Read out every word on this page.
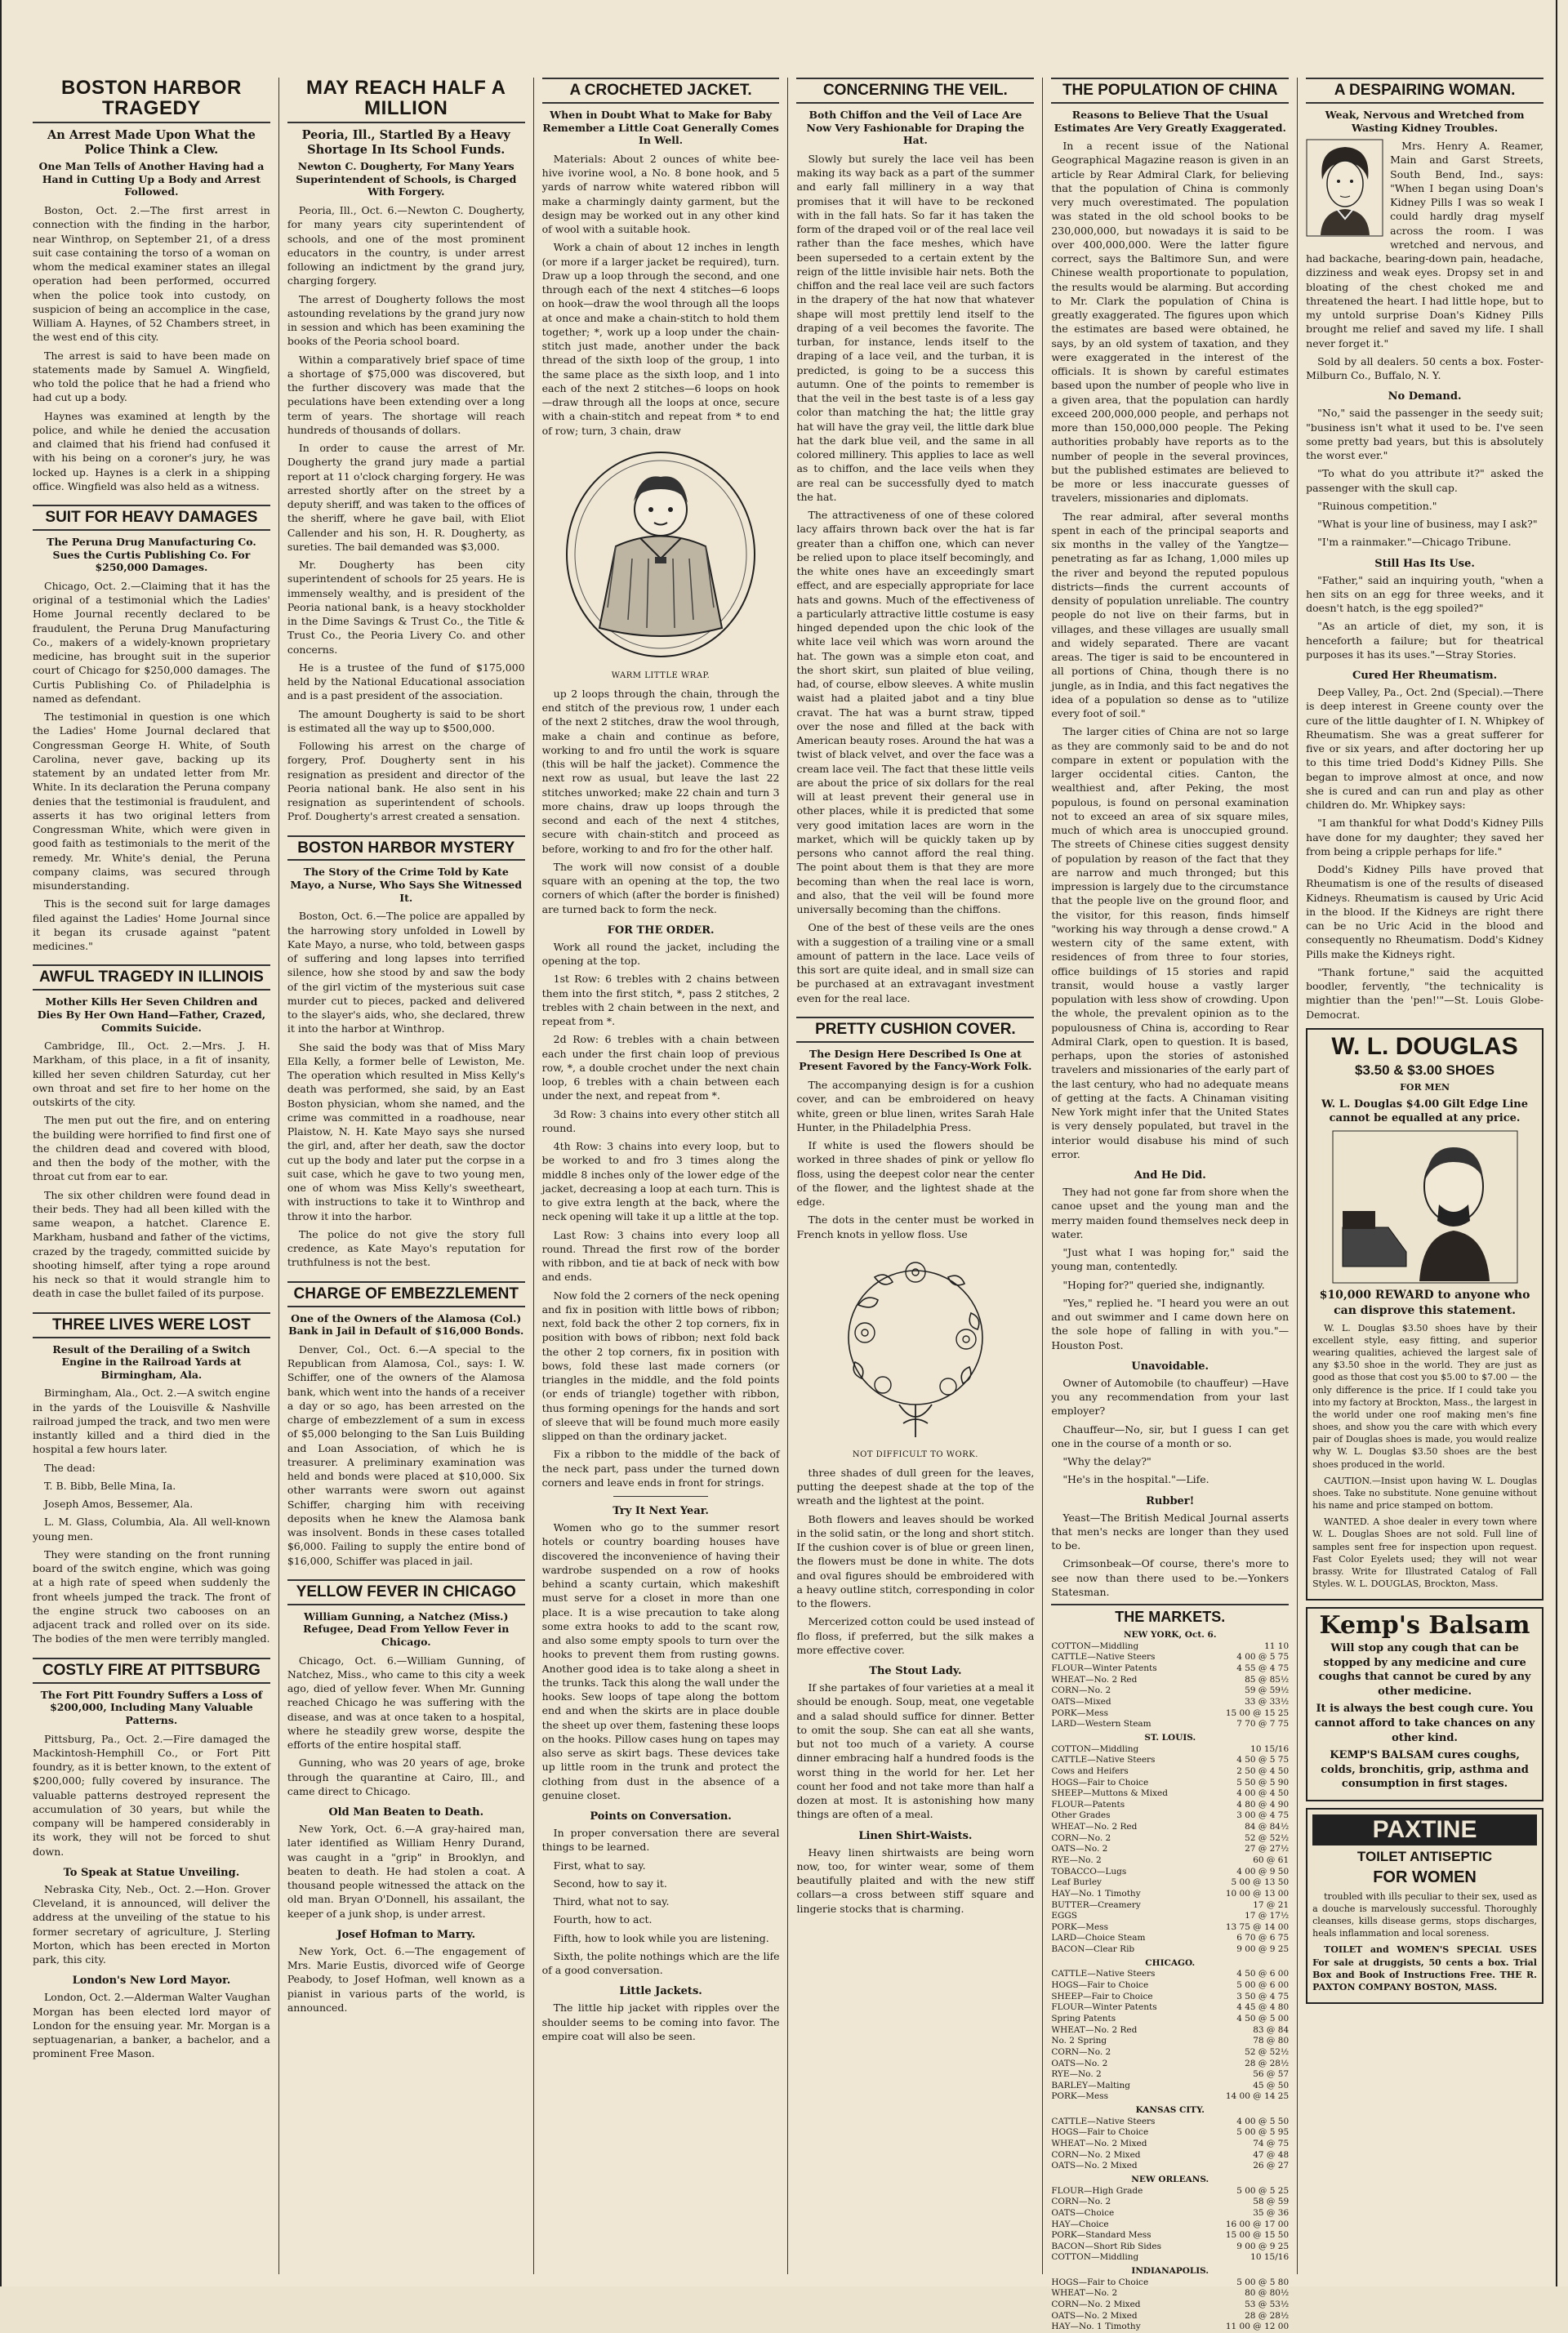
BOSTON HARBOR TRAGEDY
An Arrest Made Upon What the Police Think a Clew.
One Man Tells of Another Having had a Hand in Cutting Up a Body and Arrest Followed.

Boston, Oct. 2.—The first arrest in connection with the finding in the harbor, near Winthrop, on September 21, of a dress suit case containing the torso of a woman on whom the medical examiner states an illegal operation had been performed, occurred when the police took into custody, on suspicion of being an accomplice in the case, William A. Haynes, of 52 Chambers street, in the west end of this city.

The arrest is said to have been made on statements made by Samuel A. Wingfield, who told the police that he had a friend who had cut up a body.

Haynes was examined at length by the police, and while he denied the accusation and claimed that his friend had confused it with his being on a coroner's jury, he was locked up. Haynes is a clerk in a shipping office. Wingfield was also held as a witness.

SUIT FOR HEAVY DAMAGES
The Peruna Drug Manufacturing Co. Sues the Curtis Publishing Co. For $250,000 Damages.

Chicago, Oct. 2.—Claiming that it has the original of a testimonial which the Ladies' Home Journal recently declared to be fraudulent, the Peruna Drug Manufacturing Co., makers of a widely-known proprietary medicine, has brought suit in the superior court of Chicago for $250,000 damages. The Curtis Publishing Co. of Philadelphia is named as defendant.

The testimonial in question is one which the Ladies' Home Journal declared that Congressman George H. White, of South Carolina, never gave, backing up its statement by an undated letter from Mr. White. In its declaration the Peruna company denies that the testimonial is fraudulent, and asserts it has two original letters from Congressman White, which were given in good faith as testimonials to the merit of the remedy. Mr. White's denial, the Peruna company claims, was secured through misunderstanding.

This is the second suit for large damages filed against the Ladies' Home Journal since it began its crusade against "patent medicines."

AWFUL TRAGEDY IN ILLINOIS
Mother Kills Her Seven Children and Dies By Her Own Hand—Father, Crazed, Commits Suicide.

Cambridge, Ill., Oct. 2.—Mrs. J. H. Markham, of this place, in a fit of insanity, killed her seven children Saturday, cut her own throat and set fire to her home on the outskirts of the city.

The men put out the fire, and on entering the building were horrified to find first one of the children dead and covered with blood, and then the body of the mother, with the throat cut from ear to ear.

The six other children were found dead in their beds. They had all been killed with the same weapon, a hatchet. Clarence E. Markham, husband and father of the victims, crazed by the tragedy, committed suicide by shooting himself, after tying a rope around his neck so that it would strangle him to death in case the bullet failed of its purpose.

THREE LIVES WERE LOST
Result of the Derailing of a Switch Engine in the Railroad Yards at Birmingham, Ala.

Birmingham, Ala., Oct. 2.—A switch engine in the yards of the Louisville & Nashville railroad jumped the track, and two men were instantly killed and a third died in the hospital a few hours later.

The dead:

T. B. Bibb, Belle Mina, Ia.

Joseph Amos, Bessemer, Ala.

L. M. Glass, Columbia, Ala. All well-known young men.

They were standing on the front running board of the switch engine, which was going at a high rate of speed when suddenly the front wheels jumped the track. The front of the engine struck two cabooses on an adjacent track and rolled over on its side. The bodies of the men were terribly mangled.

COSTLY FIRE AT PITTSBURG
The Fort Pitt Foundry Suffers a Loss of $200,000, Including Many Valuable Patterns.

Pittsburg, Pa., Oct. 2.—Fire damaged the Mackintosh-Hemphill Co., or Fort Pitt foundry, as it is better known, to the extent of $200,000; fully covered by insurance. The valuable patterns destroyed represent the accumulation of 30 years, but while the company will be hampered considerably in its work, they will not be forced to shut down.

To Speak at Statue Unveiling.

Nebraska City, Neb., Oct. 2.—Hon. Grover Cleveland, it is announced, will deliver the address at the unveiling of the statue to his former secretary of agriculture, J. Sterling Morton, which has been erected in Morton park, this city.

London's New Lord Mayor.

London, Oct. 2.—Alderman Walter Vaughan Morgan has been elected lord mayor of London for the ensuing year. Mr. Morgan is a septuagenarian, a banker, a bachelor, and a prominent Free Mason.

MAY REACH HALF A MILLION
Peoria, Ill., Startled By a Heavy Shortage In Its School Funds.
Newton C. Dougherty, For Many Years Superintendent of Schools, is Charged With Forgery.

Peoria, Ill., Oct. 6.—Newton C. Dougherty, for many years city superintendent of schools, and one of the most prominent educators in the country, is under arrest following an indictment by the grand jury, charging forgery.

The arrest of Dougherty follows the most astounding revelations by the grand jury now in session and which has been examining the books of the Peoria school board.

Within a comparatively brief space of time a shortage of $75,000 was discovered, but the further discovery was made that the peculations have been extending over a long term of years. The shortage will reach hundreds of thousands of dollars.

In order to cause the arrest of Mr. Dougherty the grand jury made a partial report at 11 o'clock charging forgery. He was arrested shortly after on the street by a deputy sheriff, and was taken to the offices of the sheriff, where he gave bail, with Eliot Callender and his son, H. R. Dougherty, as sureties. The bail demanded was $3,000.

Mr. Dougherty has been city superintendent of schools for 25 years. He is immensely wealthy, and is president of the Peoria national bank, is a heavy stockholder in the Dime Savings & Trust Co., the Title & Trust Co., the Peoria Livery Co. and other concerns.

He is a trustee of the fund of $175,000 held by the National Educational association and is a past president of the association.

The amount Dougherty is said to be short is estimated all the way up to $500,000.

Following his arrest on the charge of forgery, Prof. Dougherty sent in his resignation as president and director of the Peoria national bank. He also sent in his resignation as superintendent of schools. Prof. Dougherty's arrest created a sensation.

BOSTON HARBOR MYSTERY
The Story of the Crime Told by Kate Mayo, a Nurse, Who Says She Witnessed It.

Boston, Oct. 6.—The police are appalled by the harrowing story unfolded in Lowell by Kate Mayo, a nurse, who told, between gasps of suffering and long lapses into terrified silence, how she stood by and saw the body of the girl victim of the mysterious suit case murder cut to pieces, packed and delivered to the slayer's aids, who, she declared, threw it into the harbor at Winthrop.

She said the body was that of Miss Mary Ella Kelly, a former belle of Lewiston, Me. The operation which resulted in Miss Kelly's death was performed, she said, by an East Boston physician, whom she named, and the crime was committed in a roadhouse, near Plaistow, N. H. Kate Mayo says she nursed the girl, and, after her death, saw the doctor cut up the body and later put the corpse in a suit case, which he gave to two young men, one of whom was Miss Kelly's sweetheart, with instructions to take it to Winthrop and throw it into the harbor.

The police do not give the story full credence, as Kate Mayo's reputation for truthfulness is not the best.

CHARGE OF EMBEZZLEMENT
One of the Owners of the Alamosa (Col.) Bank in Jail in Default of $16,000 Bonds.

Denver, Col., Oct. 6.—A special to the Republican from Alamosa, Col., says: I. W. Schiffer, one of the owners of the Alamosa bank, which went into the hands of a receiver a day or so ago, has been arrested on the charge of embezzlement of a sum in excess of $5,000 belonging to the San Luis Building and Loan Association, of which he is treasurer. A preliminary examination was held and bonds were placed at $10,000. Six other warrants were sworn out against Schiffer, charging him with receiving deposits when he knew the Alamosa bank was insolvent. Bonds in these cases totalled $6,000. Failing to supply the entire bond of $16,000, Schiffer was placed in jail.

YELLOW FEVER IN CHICAGO
William Gunning, a Natchez (Miss.) Refugee, Dead From Yellow Fever in Chicago.

Chicago, Oct. 6.—William Gunning, of Natchez, Miss., who came to this city a week ago, died of yellow fever. When Mr. Gunning reached Chicago he was suffering with the disease, and was at once taken to a hospital, where he steadily grew worse, despite the efforts of the entire hospital staff.

Gunning, who was 20 years of age, broke through the quarantine at Cairo, Ill., and came direct to Chicago.

Old Man Beaten to Death.

New York, Oct. 6.—A gray-haired man, later identified as William Henry Durand, was caught in a "grip" in Brooklyn, and beaten to death. He had stolen a coat. A thousand people witnessed the attack on the old man. Bryan O'Donnell, his assailant, the keeper of a junk shop, is under arrest.

Josef Hofman to Marry.

New York, Oct. 6.—The engagement of Mrs. Marie Eustis, divorced wife of George Peabody, to Josef Hofman, well known as a pianist in various parts of the world, is announced.

A CROCHETED JACKET.
When in Doubt What to Make for Baby Remember a Little Coat Generally Comes In Well.

Materials: About 2 ounces of white bee-hive ivorine wool, a No. 8 bone hook, and 5 yards of narrow white watered ribbon will make a charmingly dainty garment, but the design may be worked out in any other kind of wool with a suitable hook.

Work a chain of about 12 inches in length (or more if a larger jacket be required), turn. Draw up a loop through the second, and one through each of the next 4 stitches—6 loops on hook—draw the wool through all the loops at once and make a chain-stitch to hold them together; *, work up a loop under the chain-stitch just made, another under the back thread of the sixth loop of the group, 1 into the same place as the sixth loop, and 1 into each of the next 2 stitches—6 loops on hook—draw through all the loops at once, secure with a chain-stitch and repeat from * to end of row; turn, 3 chain, draw

WARM LITTLE WRAP.

up 2 loops through the chain, through the end stitch of the previous row, 1 under each of the next 2 stitches, draw the wool through, make a chain and continue as before, working to and fro until the work is square (this will be half the jacket). Commence the next row as usual, but leave the last 22 stitches unworked; make 22 chain and turn 3 more chains, draw up loops through the second and each of the next 4 stitches, secure with chain-stitch and proceed as before, working to and fro for the other half.

The work will now consist of a double square with an opening at the top, the two corners of which (after the border is finished) are turned back to form the neck.

FOR THE ORDER.

Work all round the jacket, including the opening at the top.

1st Row: 6 trebles with 2 chains between them into the first stitch, *, pass 2 stitches, 2 trebles with 2 chain between in the next, and repeat from *.

2d Row: 6 trebles with a chain between each under the first chain loop of previous row, *, a double crochet under the next chain loop, 6 trebles with a chain between each under the next, and repeat from *.

3d Row: 3 chains into every other stitch all round.

4th Row: 3 chains into every loop, but to be worked to and fro 3 times along the middle 8 inches only of the lower edge of the jacket, decreasing a loop at each turn. This is to give extra length at the back, where the neck opening will take it up a little at the top.

Last Row: 3 chains into every loop all round. Thread the first row of the border with ribbon, and tie at back of neck with bow and ends.

Now fold the 2 corners of the neck opening and fix in position with little bows of ribbon; next, fold back the other 2 top corners, fix in position with bows of ribbon; next fold back the other 2 top corners, fix in position with bows, fold these last made corners (or triangles in the middle, and the fold points (or ends of triangle) together with ribbon, thus forming openings for the hands and sort of sleeve that will be found much more easily slipped on than the ordinary jacket.

Fix a ribbon to the middle of the back of the neck part, pass under the turned down corners and leave ends in front for strings.

Try It Next Year.

Women who go to the summer resort hotels or country boarding houses have discovered the inconvenience of having their wardrobe suspended on a row of hooks behind a scanty curtain, which makeshift must serve for a closet in more than one place. It is a wise precaution to take along some extra hooks to add to the scant row, and also some empty spools to turn over the hooks to prevent them from rusting gowns. Another good idea is to take along a sheet in the trunks. Tack this along the wall under the hooks. Sew loops of tape along the bottom end and when the skirts are in place double the sheet up over them, fastening these loops on the hooks. Pillow cases hung on tapes may also serve as skirt bags. These devices take up little room in the trunk and protect the clothing from dust in the absence of a genuine closet.

Points on Conversation.

In proper conversation there are several things to be learned.

First, what to say.

Second, how to say it.

Third, what not to say.

Fourth, how to act.

Fifth, how to look while you are listening.

Sixth, the polite nothings which are the life of a good conversation.

Little Jackets.

The little hip jacket with ripples over the shoulder seems to be coming into favor. The empire coat will also be seen.

CONCERNING THE VEIL.
Both Chiffon and the Veil of Lace Are Now Very Fashionable for Draping the Hat.

Slowly but surely the lace veil has been making its way back as a part of the summer and early fall millinery in a way that promises that it will have to be reckoned with in the fall hats. So far it has taken the form of the draped voil or of the real lace veil rather than the face meshes, which have been superseded to a certain extent by the reign of the little invisible hair nets. Both the chiffon and the real lace veil are such factors in the drapery of the hat now that whatever shape will most prettily lend itself to the draping of a veil becomes the favorite. The turban, for instance, lends itself to the draping of a lace veil, and the turban, it is predicted, is going to be a success this autumn. One of the points to remember is that the veil in the best taste is of a less gay color than matching the hat; the little gray hat will have the gray veil, the little dark blue hat the dark blue veil, and the same in all colored millinery. This applies to lace as well as to chiffon, and the lace veils when they are real can be successfully dyed to match the hat.

The attractiveness of one of these colored lacy affairs thrown back over the hat is far greater than a chiffon one, which can never be relied upon to place itself becomingly, and the white ones have an exceedingly smart effect, and are especially appropriate for lace hats and gowns. Much of the effectiveness of a particularly attractive little costume is easy hinged depended upon the chic look of the white lace veil which was worn around the hat. The gown was a simple eton coat, and the short skirt, sun plaited of blue veiling, had, of course, elbow sleeves. A white muslin waist had a plaited jabot and a tiny blue cravat. The hat was a burnt straw, tipped over the nose and filled at the back with American beauty roses. Around the hat was a twist of black velvet, and over the face was a cream lace veil. The fact that these little veils are about the price of six dollars for the real will at least prevent their general use in other places, while it is predicted that some very good imitation laces are worn in the market, which will be quickly taken up by persons who cannot afford the real thing. The point about them is that they are more becoming than when the real lace is worn, and also, that the veil will be found more universally becoming than the chiffons.

One of the best of these veils are the ones with a suggestion of a trailing vine or a small amount of pattern in the lace. Lace veils of this sort are quite ideal, and in small size can be purchased at an extravagant investment even for the real lace.

PRETTY CUSHION COVER.
The Design Here Described Is One at Present Favored by the Fancy-Work Folk.

The accompanying design is for a cushion cover, and can be embroidered on heavy white, green or blue linen, writes Sarah Hale Hunter, in the Philadelphia Press.

If white is used the flowers should be worked in three shades of pink or yellow flo floss, using the deepest color near the center of the flower, and the lightest shade at the edge.

The dots in the center must be worked in French knots in yellow floss. Use

NOT DIFFICULT TO WORK.

three shades of dull green for the leaves, putting the deepest shade at the top of the wreath and the lightest at the point.

Both flowers and leaves should be worked in the solid satin, or the long and short stitch. If the cushion cover is of blue or green linen, the flowers must be done in white. The dots and oval figures should be embroidered with a heavy outline stitch, corresponding in color to the flowers.

Mercerized cotton could be used instead of flo floss, if preferred, but the silk makes a more effective cover.

The Stout Lady.

If she partakes of four varieties at a meal it should be enough. Soup, meat, one vegetable and a salad should suffice for dinner. Better to omit the soup. She can eat all she wants, but not too much of a variety. A course dinner embracing half a hundred foods is the worst thing in the world for her. Let her count her food and not take more than half a dozen at most. It is astonishing how many things are often of a meal.

Linen Shirt-Waists.

Heavy linen shirtwaists are being worn now, too, for winter wear, some of them beautifully plaited and with the new stiff collars—a cross between stiff square and lingerie stocks that is charming.

THE POPULATION OF CHINA
Reasons to Believe That the Usual Estimates Are Very Greatly Exaggerated.

In a recent issue of the National Geographical Magazine reason is given in an article by Rear Admiral Clark, for believing that the population of China is commonly very much overestimated. The population was stated in the old school books to be 230,000,000, but nowadays it is said to be over 400,000,000. Were the latter figure correct, says the Baltimore Sun, and were Chinese wealth proportionate to population, the results would be alarming. But according to Mr. Clark the population of China is greatly exaggerated. The figures upon which the estimates are based were obtained, he says, by an old system of taxation, and they were exaggerated in the interest of the officials. It is shown by careful estimates based upon the number of people who live in a given area, that the population can hardly exceed 200,000,000 people, and perhaps not more than 150,000,000 people. The Peking authorities probably have reports as to the number of people in the several provinces, but the published estimates are believed to be more or less inaccurate guesses of travelers, missionaries and diplomats.

The rear admiral, after several months spent in each of the principal seaports and six months in the valley of the Yangtze—penetrating as far as Ichang, 1,000 miles up the river and beyond the reputed populous districts—finds the current accounts of density of population unreliable. The country people do not live on their farms, but in villages, and these villages are usually small and widely separated. There are vacant areas. The tiger is said to be encountered in all portions of China, though there is no jungle, as in India, and this fact negatives the idea of a population so dense as to "utilize every foot of soil."

The larger cities of China are not so large as they are commonly said to be and do not compare in extent or population with the larger occidental cities. Canton, the wealthiest and, after Peking, the most populous, is found on personal examination not to exceed an area of six square miles, much of which area is unoccupied ground. The streets of Chinese cities suggest density of population by reason of the fact that they are narrow and much thronged; but this impression is largely due to the circumstance that the people live on the ground floor, and the visitor, for this reason, finds himself "working his way through a dense crowd." A western city of the same extent, with residences of from three to four stories, office buildings of 15 stories and rapid transit, would house a vastly larger population with less show of crowding. Upon the whole, the prevalent opinion as to the populousness of China is, according to Rear Admiral Clark, open to question. It is based, perhaps, upon the stories of astonished travelers and missionaries of the early part of the last century, who had no adequate means of getting at the facts. A Chinaman visiting New York might infer that the United States is very densely populated, but travel in the interior would disabuse his mind of such error.

And He Did.

They had not gone far from shore when the canoe upset and the young man and the merry maiden found themselves neck deep in water.

"Just what I was hoping for," said the young man, contentedly.

"Hoping for?" queried she, indignantly.

"Yes," replied he. "I heard you were an out and out swimmer and I came down here on the sole hope of falling in with you."—Houston Post.

Unavoidable.

Owner of Automobile (to chauffeur) —Have you any recommendation from your last employer?

Chauffeur—No, sir, but I guess I can get one in the course of a month or so.

"Why the delay?"

"He's in the hospital."—Life.

Rubber!

Yeast—The British Medical Journal asserts that men's necks are longer than they used to be.

Crimsonbeak—Of course, there's more to see now than there used to be.—Yonkers Statesman.

THE MARKETS.
NEW YORK, Oct. 6.	
COTTON—Middling	11 10
CATTLE—Native Steers	4 00 @ 5 75
FLOUR—Winter Patents	4 55 @ 4 75
WHEAT—No. 2 Red	85 @ 85½
CORN—No. 2	59 @ 59½
OATS—Mixed	33 @ 33½
PORK—Mess	15 00 @ 15 25
LARD—Western Steam	7 70 @ 7 75
ST. LOUIS.	
COTTON—Middling	10 15/16
CATTLE—Native Steers	4 50 @ 5 75
Cows and Heifers	2 50 @ 4 50
HOGS—Fair to Choice	5 50 @ 5 90
SHEEP—Muttons & Mixed	4 00 @ 4 50
FLOUR—Patents	4 80 @ 4 90
Other Grades	3 00 @ 4 75
WHEAT—No. 2 Red	84 @ 84½
CORN—No. 2	52 @ 52½
OATS—No. 2	27 @ 27½
RYE—No. 2	60 @ 61
TOBACCO—Lugs	4 00 @ 9 50
Leaf Burley	5 00 @ 13 50
HAY—No. 1 Timothy	10 00 @ 13 00
BUTTER—Creamery	17 @ 21
EGGS	17 @ 17½
PORK—Mess	13 75 @ 14 00
LARD—Choice Steam	6 70 @ 6 75
BACON—Clear Rib	9 00 @ 9 25
CHICAGO.	
CATTLE—Native Steers	4 50 @ 6 00
HOGS—Fair to Choice	5 00 @ 6 00
SHEEP—Fair to Choice	3 50 @ 4 75
FLOUR—Winter Patents	4 45 @ 4 80
Spring Patents	4 50 @ 5 00
WHEAT—No. 2 Red	83 @ 84
No. 2 Spring	78 @ 80
CORN—No. 2	52 @ 52½
OATS—No. 2	28 @ 28½
RYE—No. 2	56 @ 57
BARLEY—Malting	45 @ 50
PORK—Mess	14 00 @ 14 25
KANSAS CITY.	
CATTLE—Native Steers	4 00 @ 5 50
HOGS—Fair to Choice	5 00 @ 5 95
WHEAT—No. 2 Mixed	74 @ 75
CORN—No. 2 Mixed	47 @ 48
OATS—No. 2 Mixed	26 @ 27
NEW ORLEANS.	
FLOUR—High Grade	5 00 @ 5 25
CORN—No. 2	58 @ 59
OATS—Choice	35 @ 36
HAY—Choice	16 00 @ 17 00
PORK—Standard Mess	15 00 @ 15 50
BACON—Short Rib Sides	9 00 @ 9 25
COTTON—Middling	10 15/16
INDIANAPOLIS.	
HOGS—Fair to Choice	5 00 @ 5 80
WHEAT—No. 2	80 @ 80½
CORN—No. 2 Mixed	53 @ 53½
OATS—No. 2 Mixed	28 @ 28½
HAY—No. 1 Timothy	11 00 @ 12 00
A DESPAIRING WOMAN.
Weak, Nervous and Wretched from Wasting Kidney Troubles.

Mrs. Henry A. Reamer, Main and Garst Streets, South Bend, Ind., says: "When I began using Doan's Kidney Pills I was so weak I could hardly drag myself across the room. I was wretched and nervous, and had backache, bearing-down pain, headache, dizziness and weak eyes. Dropsy set in and bloating of the chest choked me and threatened the heart. I had little hope, but to my untold surprise Doan's Kidney Pills brought me relief and saved my life. I shall never forget it."

Sold by all dealers. 50 cents a box. Foster-Milburn Co., Buffalo, N. Y.

No Demand.

"No," said the passenger in the seedy suit; "business isn't what it used to be. I've seen some pretty bad years, but this is absolutely the worst ever."

"To what do you attribute it?" asked the passenger with the skull cap.

"Ruinous competition."

"What is your line of business, may I ask?"

"I'm a rainmaker."—Chicago Tribune.

Still Has Its Use.

"Father," said an inquiring youth, "when a hen sits on an egg for three weeks, and it doesn't hatch, is the egg spoiled?"

"As an article of diet, my son, it is henceforth a failure; but for theatrical purposes it has its uses."—Stray Stories.

Cured Her Rheumatism.

Deep Valley, Pa., Oct. 2nd (Special).—There is deep interest in Greene county over the cure of the little daughter of I. N. Whipkey of Rheumatism. She was a great sufferer for five or six years, and after doctoring her up to this time tried Dodd's Kidney Pills. She began to improve almost at once, and now she is cured and can run and play as other children do. Mr. Whipkey says:

"I am thankful for what Dodd's Kidney Pills have done for my daughter; they saved her from being a cripple perhaps for life."

Dodd's Kidney Pills have proved that Rheumatism is one of the results of diseased Kidneys. Rheumatism is caused by Uric Acid in the blood. If the Kidneys are right there can be no Uric Acid in the blood and consequently no Rheumatism. Dodd's Kidney Pills make the Kidneys right.

"Thank fortune," said the acquitted boodler, fervently, "the technicality is mightier than the 'pen!'"—St. Louis Globe-Democrat.

W. L. DOUGLAS
$3.50 & $3.00 SHOES
FOR MEN
W. L. Douglas $4.00 Gilt Edge Line cannot be equalled at any price.
$10,000 REWARD to anyone who can disprove this statement.

W. L. Douglas $3.50 shoes have by their excellent style, easy fitting, and superior wearing qualities, achieved the largest sale of any $3.50 shoe in the world. They are just as good as those that cost you $5.00 to $7.00 — the only difference is the price. If I could take you into my factory at Brockton, Mass., the largest in the world under one roof making men's fine shoes, and show you the care with which every pair of Douglas shoes is made, you would realize why W. L. Douglas $3.50 shoes are the best shoes produced in the world.

CAUTION.—Insist upon having W. L. Douglas shoes. Take no substitute. None genuine without his name and price stamped on bottom.

WANTED. A shoe dealer in every town where W. L. Douglas Shoes are not sold. Full line of samples sent free for inspection upon request. Fast Color Eyelets used; they will not wear brassy. Write for Illustrated Catalog of Fall Styles. W. L. DOUGLAS, Brockton, Mass.

Kemp's Balsam
Will stop any cough that can be stopped by any medicine and cure coughs that cannot be cured by any other medicine.
It is always the best cough cure. You cannot afford to take chances on any other kind.
KEMP'S BALSAM cures coughs, colds, bronchitis, grip, asthma and consumption in first stages.
PAXTINE
TOILET ANTISEPTIC
FOR WOMEN

troubled with ills peculiar to their sex, used as a douche is marvelously successful. Thoroughly cleanses, kills disease germs, stops discharges, heals inflammation and local soreness.

TOILET and WOMEN'S SPECIAL USES For sale at druggists, 50 cents a box. Trial Box and Book of Instructions Free. THE R. PAXTON COMPANY BOSTON, MASS.
